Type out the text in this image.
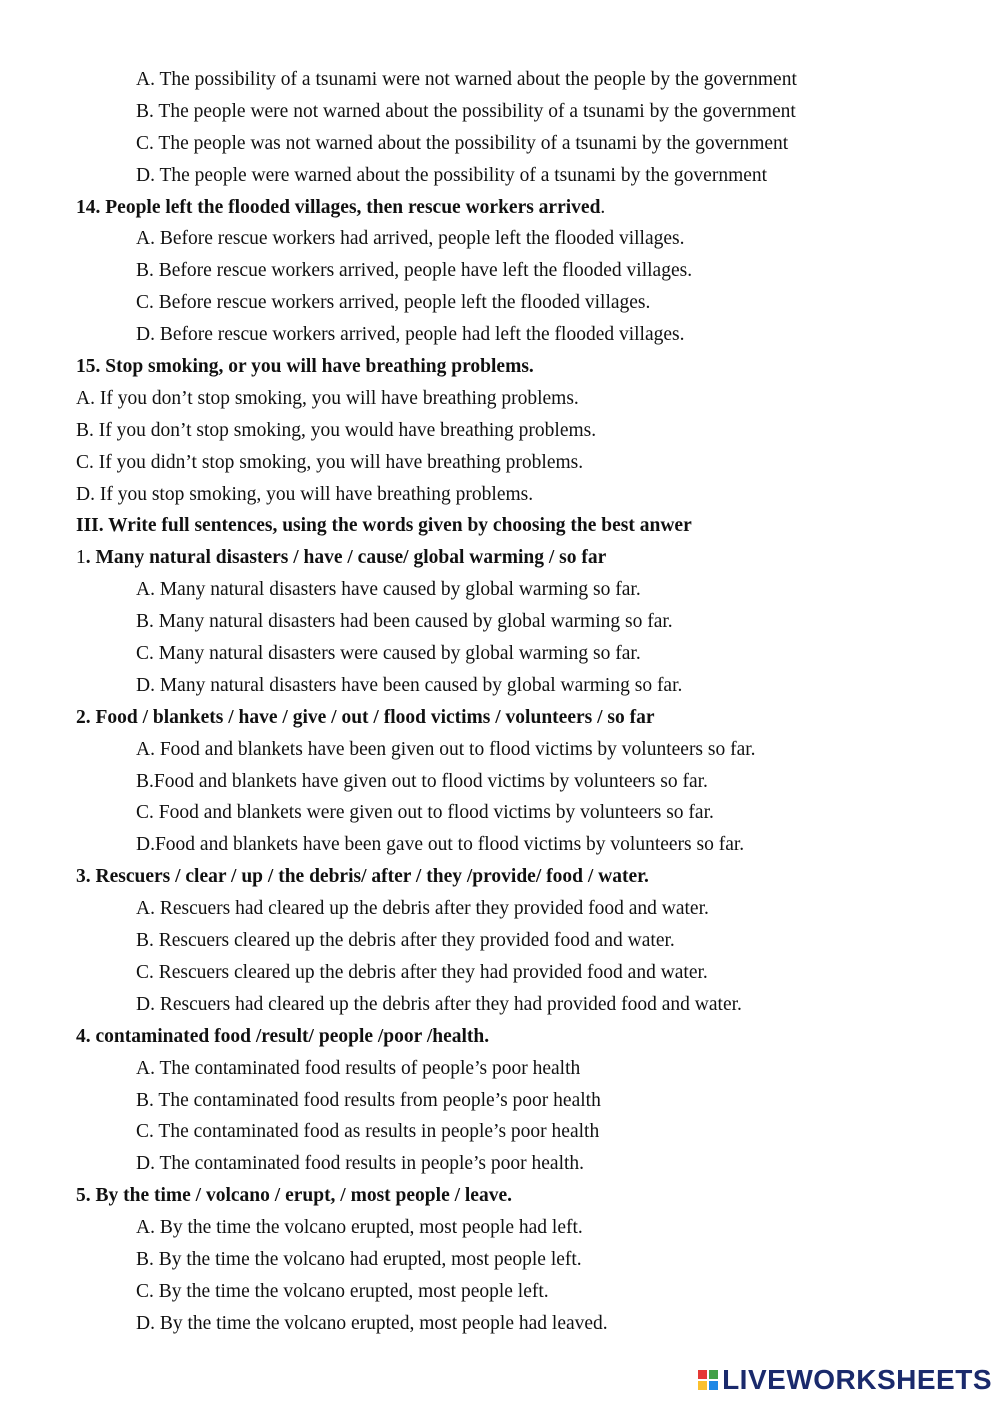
A. The possibility of a tsunami were not warned about the people by the government
B. The people were not warned about the possibility of a tsunami by the government
C. The people was not warned about the possibility of a tsunami by the government
D. The people were warned about the possibility of a tsunami by the government
14. People left the flooded villages, then rescue workers arrived.
A. Before rescue workers had arrived, people left the flooded villages.
B. Before rescue workers arrived, people have left the flooded villages.
C. Before rescue workers arrived, people left the flooded villages.
D. Before rescue workers arrived, people had left the flooded villages.
15. Stop smoking, or you will have breathing problems.
A. If you don’t stop smoking, you will have breathing problems.
B. If you don’t stop smoking, you would have breathing problems.
C. If you didn’t stop smoking, you will have breathing problems.
D. If you stop smoking, you will have breathing problems.
III. Write full sentences, using the words given by choosing the best anwer
1. Many natural disasters / have / cause/ global warming / so far
A. Many natural disasters have caused by global warming so far.
B. Many natural disasters had been caused by global warming so far.
C. Many natural disasters were caused by global warming so far.
D. Many natural disasters have been caused by global warming so far.
2. Food / blankets / have / give / out / flood victims / volunteers / so far
A. Food and blankets have been given out to flood victims by volunteers so far.
B.Food and blankets have given out to flood victims by volunteers so far.
C. Food and blankets were given out to flood victims by volunteers so far.
D.Food and blankets have been gave out to flood victims by volunteers so far.
3. Rescuers / clear / up / the debris/ after / they /provide/ food / water.
A. Rescuers had cleared up the debris after they provided food and water.
B. Rescuers cleared up the debris after they provided food and water.
C. Rescuers cleared up the debris after they had provided food and water.
D. Rescuers had cleared up the debris after they had provided food and water.
4. contaminated food /result/ people /poor /health.
A. The contaminated food results of people’s poor health
B. The contaminated food results from people’s poor health
C. The contaminated food as results in people’s poor health
D. The contaminated food results in people’s poor health.
5. By the time / volcano / erupt, / most people / leave.
A. By the time the volcano erupted, most people had left.
B. By the time the volcano had erupted, most people left.
C. By the time the volcano erupted, most people left.
D. By the time the volcano erupted, most people had leaved.
LIVEWORKSHEETS
